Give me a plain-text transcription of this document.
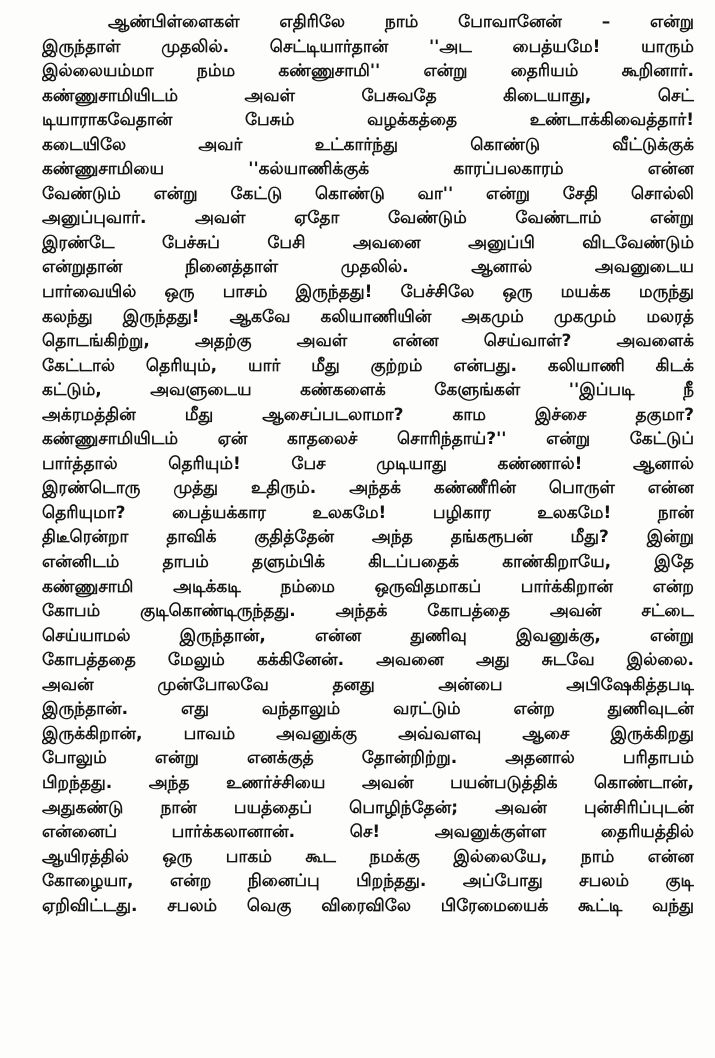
ஆண்பிள்ளைகள் எதிரிலே நாம் போவானேன் – என்று
இருந்தாள் முதலில். செட்டியார்தான் ''அட பைத்யமே! யாரும்
இல்லையம்மா நம்ம கண்ணுசாமி'' என்று தைரியம் கூறினார்.
கண்ணுசாமியிடம் அவள் பேசுவதே கிடையாது, செட்
டியாராகவேதான் பேசும் வழக்கத்தை உண்டாக்கிவைத்தார்!
கடையிலே அவர் உட்கார்ந்து கொண்டு வீட்டுக்குக்
கண்ணுசாமியை ''கல்யாணிக்குக் காரப்பலகாரம் என்ன
வேண்டும் என்று கேட்டு கொண்டு வா'' என்று சேதி சொல்லி
அனுப்புவார். அவள் ஏதோ வேண்டும் வேண்டாம் என்று
இரண்டே பேச்சுப் பேசி அவனை அனுப்பி விடவேண்டும்
என்றுதான் நினைத்தாள் முதலில். ஆனால் அவனுடைய
பார்வையில் ஒரு பாசம் இருந்தது! பேச்சிலே ஒரு மயக்க மருந்து
கலந்து இருந்தது! ஆகவே கலியாணியின் அகமும் முகமும் மலரத்
தொடங்கிற்று, அதற்கு அவள் என்ன செய்வாள்? அவளைக்
கேட்டால் தெரியும், யார் மீது குற்றம் என்பது. கலியாணி கிடக்
கட்டும், அவளுடைய கண்களைக் கேளுங்கள் ''இப்படி நீ
அக்ரமத்தின் மீது ஆசைப்படலாமா? காம இச்சை தகுமா?
கண்ணுசாமியிடம் ஏன் காதலைச் சொரிந்தாய்?'' என்று கேட்டுப்
பார்த்தால் தெரியும்! பேச முடியாது கண்ணால்! ஆனால்
இரண்டொரு முத்து உதிரும். அந்தக் கண்ணீரின் பொருள் என்ன
தெரியுமா? பைத்யக்கார உலகமே! பழிகார உலகமே! நான்
திடீரென்றா தாவிக் குதித்தேன் அந்த தங்கரூபன் மீது? இன்று
என்னிடம் தாபம் தளும்பிக் கிடப்பதைக் காண்கிறாயே, இதே
கண்ணுசாமி அடிக்கடி நம்மை ஒருவிதமாகப் பார்க்கிறான் என்ற
கோபம் குடிகொண்டிருந்தது. அந்தக் கோபத்தை அவன் சட்டை
செய்யாமல் இருந்தான், என்ன துணிவு இவனுக்கு, என்று
கோபத்ததை மேலும் கக்கினேன். அவனை அது சுடவே இல்லை.
அவன் முன்போலவே தனது அன்பை அபிஷேகித்தபடி
இருந்தான். எது வந்தாலும் வரட்டும் என்ற துணிவுடன்
இருக்கிறான், பாவம் அவனுக்கு அவ்வளவு ஆசை இருக்கிறது
போலும் என்று எனக்குத் தோன்றிற்று. அதனால் பரிதாபம்
பிறந்தது. அந்த உணர்ச்சியை அவன் பயன்படுத்திக் கொண்டான்,
அதுகண்டு நான் பயத்தைப் பொழிந்தேன்; அவன் புன்சிரிப்புடன்
என்னைப் பார்க்கலானான். செ! அவனுக்குள்ள தைரியத்தில்
ஆயிரத்தில் ஒரு பாகம் கூட நமக்கு இல்லையே, நாம் என்ன
கோழையா, என்ற நினைப்பு பிறந்தது. அப்போது சபலம் குடி
ஏறிவிட்டது. சபலம் வெகு விரைவிலே பிரேமையைக் கூட்டி வந்து
